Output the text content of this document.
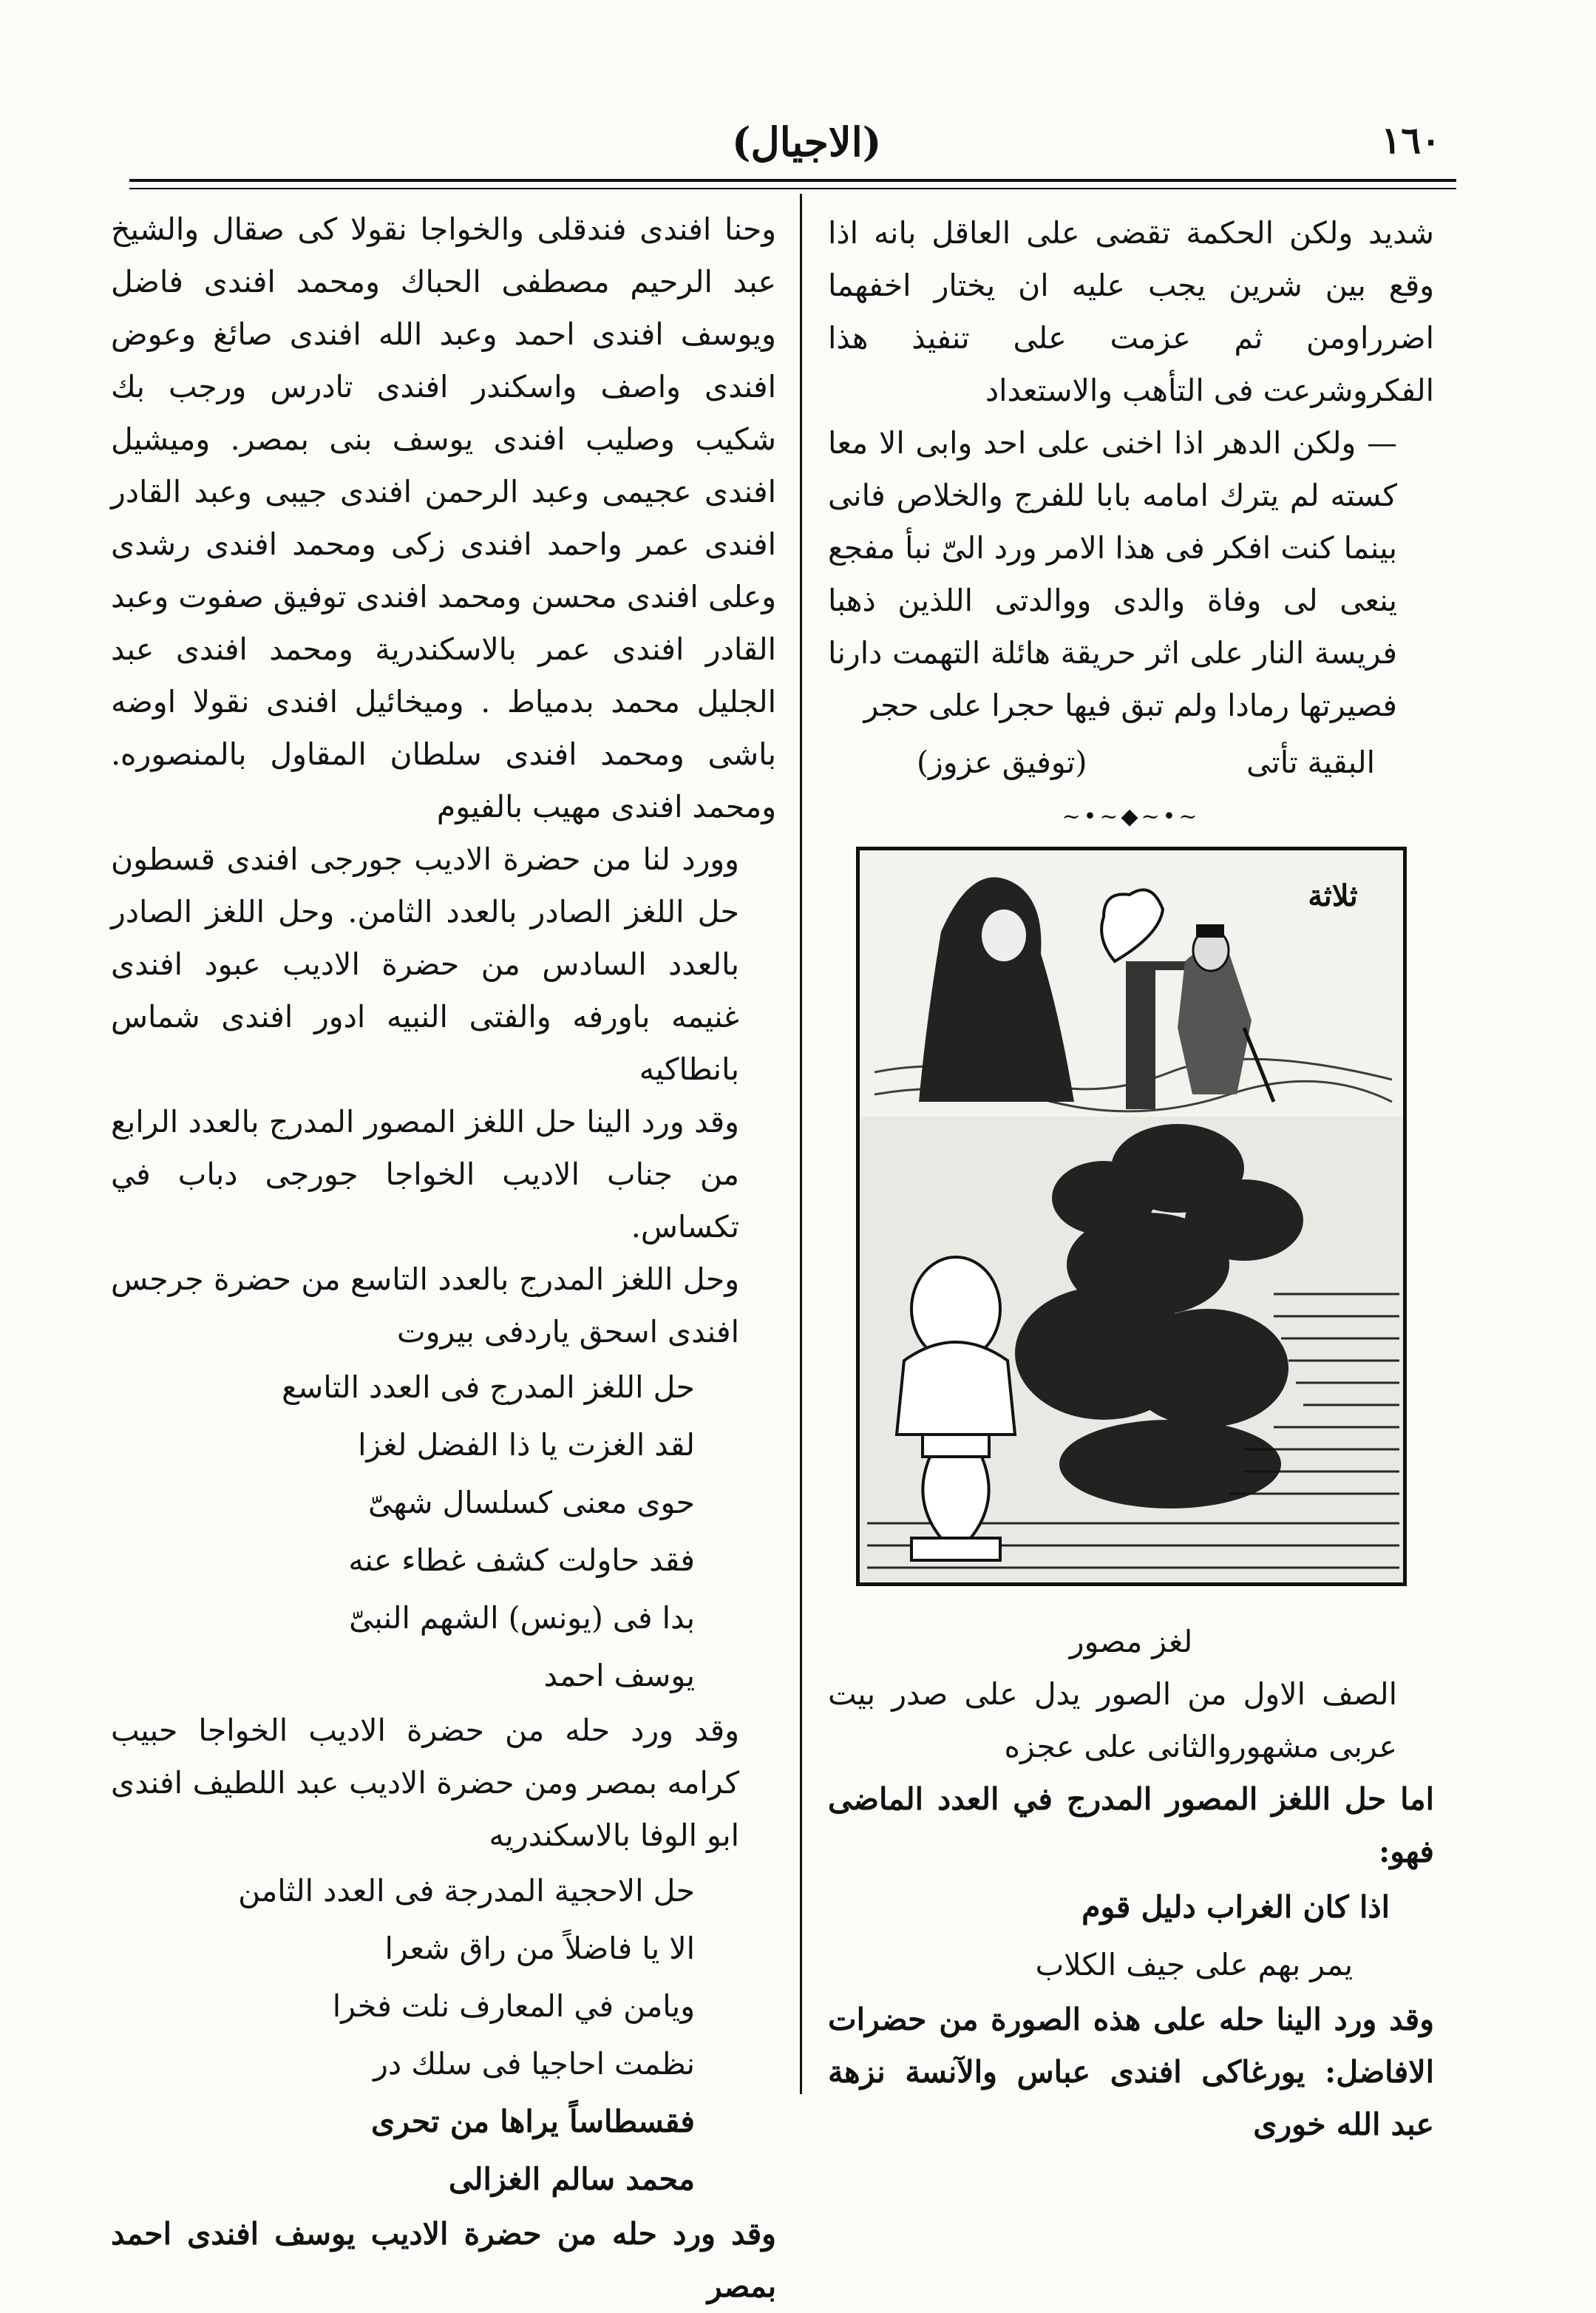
١٦٠
(الاجيال)

شديد ولكن الحكمة تقضى على العاقل بانه اذا وقع بين شرين يجب عليه ان يختار اخفهما اضرراومن ثم عزمت على تنفيذ هذا الفكروشرعت فى التأهب والاستعداد

— ولكن الدهر اذا اخنى على احد وابى الا معا كسته لم يترك امامه بابا للفرج والخلاص فانى بينما كنت افكر فى هذا الامر ورد الىّ نبأ مفجع ينعى لى وفاة والدى ووالدتى اللذين ذهبا فريسة النار على اثر حريقة هائلة التهمت دارنا فصيرتها رمادا ولم تبق فيها حجرا على حجر

البقية تأتى
(توفيق عزوز)
~•~◆~•~
ثلاثة

لغز مصور

الصف الاول من الصور يدل على صدر بيت عربى مشهوروالثانى على عجزه

اما حل اللغز المصور المدرج في العدد الماضى فهو:

اذا كان الغراب دليل قوم

يمر بهم على جيف الكلاب

وقد ورد الينا حله على هذه الصورة من حضرات الافاضل: يورغاكى افندى عباس والآنسة نزهة عبد الله خورى

وحنا افندى فندقلى والخواجا نقولا كى صقال والشيخ عبد الرحيم مصطفى الحباك ومحمد افندى فاضل ويوسف افندى احمد وعبد الله افندى صائغ وعوض افندى واصف واسكندر افندى تادرس ورجب بك شكيب وصليب افندى يوسف بنى بمصر. وميشيل افندى عجيمى وعبد الرحمن افندى جيبى وعبد القادر افندى عمر واحمد افندى زكى ومحمد افندى رشدى وعلى افندى محسن ومحمد افندى توفيق صفوت وعبد القادر افندى عمر بالاسكندرية ومحمد افندى عبد الجليل محمد بدمياط . وميخائيل افندى نقولا اوضه باشى ومحمد افندى سلطان المقاول بالمنصوره. ومحمد افندى مهيب بالفيوم

وورد لنا من حضرة الاديب جورجى افندى قسطون حل اللغز الصادر بالعدد الثامن. وحل اللغز الصادر بالعدد السادس من حضرة الاديب عبود افندى غنيمه باورفه والفتى النبيه ادور افندى شماس بانطاكيه

وقد ورد الينا حل اللغز المصور المدرج بالعدد الرابع من جناب الاديب الخواجا جورجى دباب في تكساس.

وحل اللغز المدرج بالعدد التاسع من حضرة جرجس افندى اسحق ياردفى بيروت

حل اللغز المدرج فى العدد التاسع

لقد الغزت يا ذا الفضل لغزا

حوى معنى كسلسال شهىّ

فقد حاولت كشف غطاء عنه

بدا فى (يونس) الشهم النبىّ

يوسف احمد

وقد ورد حله من حضرة الاديب الخواجا حبيب كرامه بمصر ومن حضرة الاديب عبد اللطيف افندى ابو الوفا بالاسكندريه

حل الاحجية المدرجة فى العدد الثامن

الا يا فاضلاً من راق شعرا

ويامن في المعارف نلت فخرا

نظمت احاجيا فى سلك در

فقسطاساً يراها من تحرى

محمد سالم الغزالى

وقد ورد حله من حضرة الاديب يوسف افندى احمد بمصر
